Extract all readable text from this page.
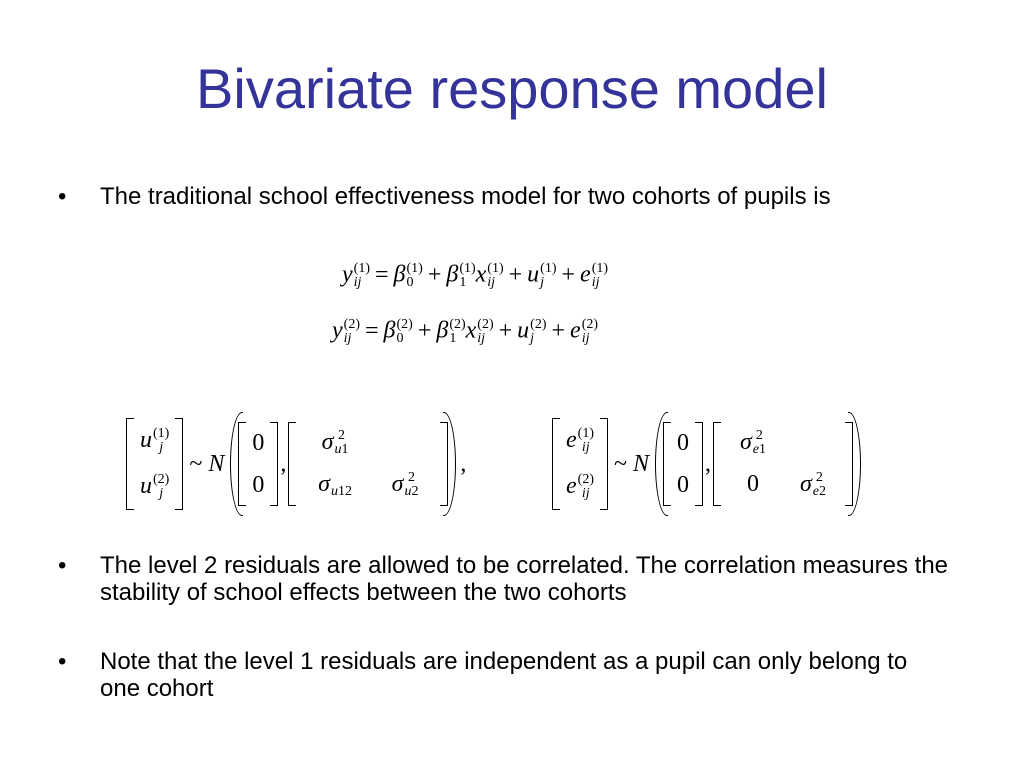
Bivariate response model
• The traditional school effectiveness model for two cohorts of pupils is
y (1)
ij = β (1)
0 + β (1)
1 x (1)
ij + u (1)
j + e (1)
ij
y (2)
ij = β (2)
0 + β (2)
1 x (2)
ij + u (2)
j + e (2)
ij
u (1)
j
u (2)
j
~ N
0
0
,
σ 2
u1
σ
u12	σ 2
u2
,
e (1)
ij
e (2)
ij
~ N
0
0
,
σ 2
e1
0	σ 2
e2
• The level 2 residuals are allowed to be correlated. The correlation measures the stability of school effects between the two cohorts
• Note that the level 1 residuals are independent as a pupil can only belong to one cohort
